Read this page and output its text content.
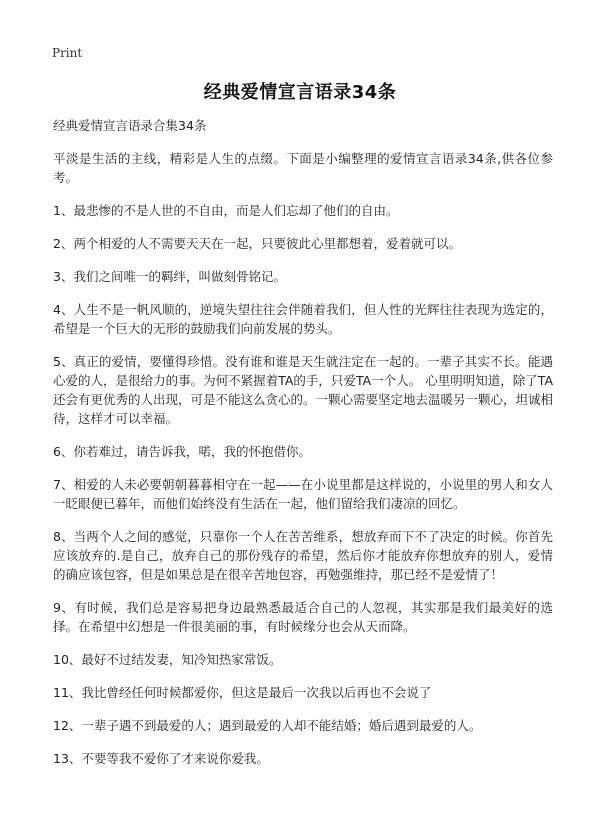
Print
经典爱情宣言语录34条

经典爱情宣言语录合集34条

平淡是生活的主线，精彩是人生的点缀。下面是小编整理的爱情宣言语录34条,供各位参考。

1、最悲惨的不是人世的不自由，而是人们忘却了他们的自由。

2、两个相爱的人不需要天天在一起，只要彼此心里都想着，爱着就可以。

3、我们之间唯一的羁绊，叫做刻骨铭记。

4、人生不是一帆风顺的，逆境失望往往会伴随着我们，但人性的光辉往往表现为选定的，希望是一个巨大的无形的鼓励我们向前发展的势头。

5、真正的爱情，要懂得珍惜。没有谁和谁是天生就注定在一起的。一辈子其实不长。能遇心爱的人，是很给力的事。为何不紧握着TA的手，只爱TA一个人。 心里明明知道，除了TA还会有更优秀的人出现，可是不能这么贪心的。一颗心需要坚定地去温暖另一颗心，坦诚相待，这样才可以幸福。

6、你若难过，请告诉我，喏，我的怀抱借你。

7、相爱的人未必要朝朝暮暮相守在一起——在小说里都是这样说的，小说里的男人和女人一眨眼便已暮年，而他们始终没有生活在一起，他们留给我们凄凉的回忆。

8、当两个人之间的感觉，只靠你一个人在苦苦维系，想放弃而下不了决定的时候。你首先应该放弃的.是自己，放弃自己的那份残存的希望，然后你才能放弃你想放弃的别人，爱情的确应该包容，但是如果总是在很辛苦地包容，再勉强维持，那已经不是爱情了！

9、有时候，我们总是容易把身边最熟悉最适合自己的人忽视，其实那是我们最美好的选择。在希望中幻想是一件很美丽的事，有时候缘分也会从天而降。

10、最好不过结发妻，知冷知热家常饭。

11、我比曾经任何时候都爱你，但这是最后一次我以后再也不会说了

12、一辈子遇不到最爱的人；遇到最爱的人却不能结婚；婚后遇到最爱的人。

13、不要等我不爱你了才来说你爱我。
